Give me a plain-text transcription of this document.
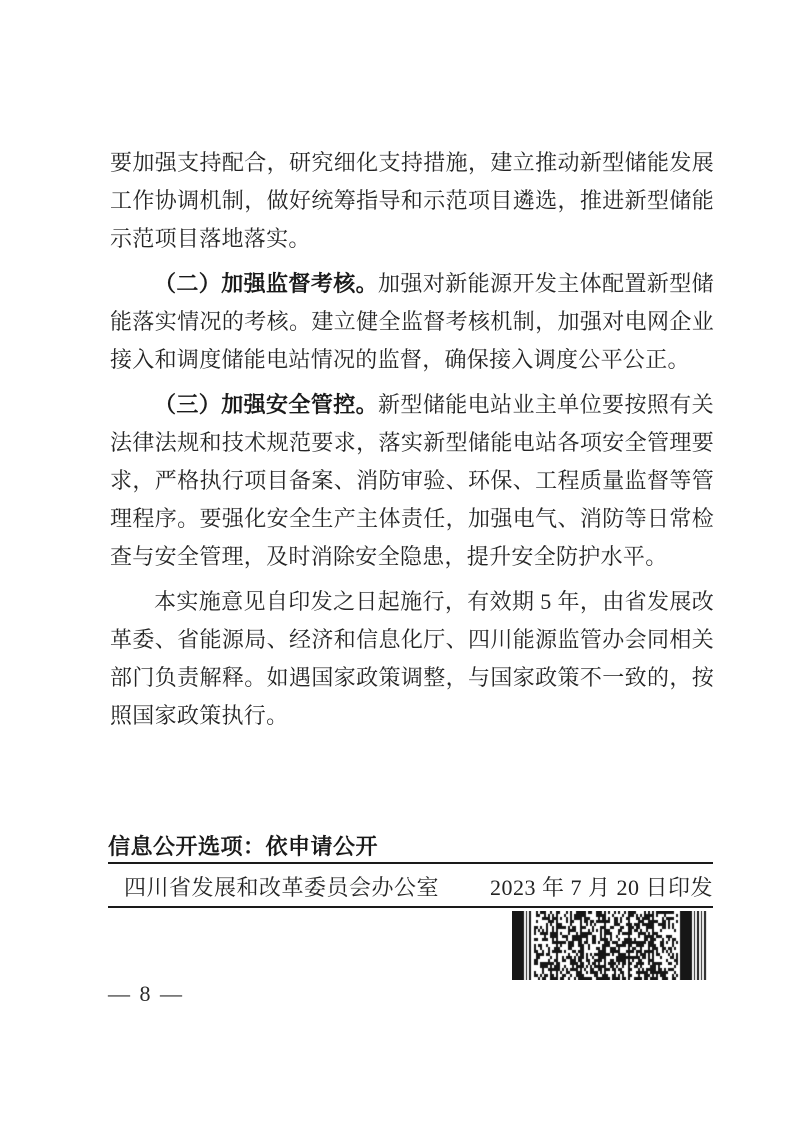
要加强支持配合，研究细化支持措施，建立推动新型储能发展工作协调机制，做好统筹指导和示范项目遴选，推进新型储能示范项目落地落实。

（二）加强监督考核。加强对新能源开发主体配置新型储能落实情况的考核。建立健全监督考核机制，加强对电网企业接入和调度储能电站情况的监督，确保接入调度公平公正。

（三）加强安全管控。新型储能电站业主单位要按照有关法律法规和技术规范要求，落实新型储能电站各项安全管理要求，严格执行项目备案、消防审验、环保、工程质量监督等管理程序。要强化安全生产主体责任，加强电气、消防等日常检查与安全管理，及时消除安全隐患，提升安全防护水平。

本实施意见自印发之日起施行，有效期 5 年，由省发展改革委、省能源局、经济和信息化厅、四川能源监管办会同相关部门负责解释。如遇国家政策调整，与国家政策不一致的，按照国家政策执行。

信息公开选项：依申请公开
四川省发展和改革委员会办公室 2023 年 7 月 20 日印发
— 8 —
